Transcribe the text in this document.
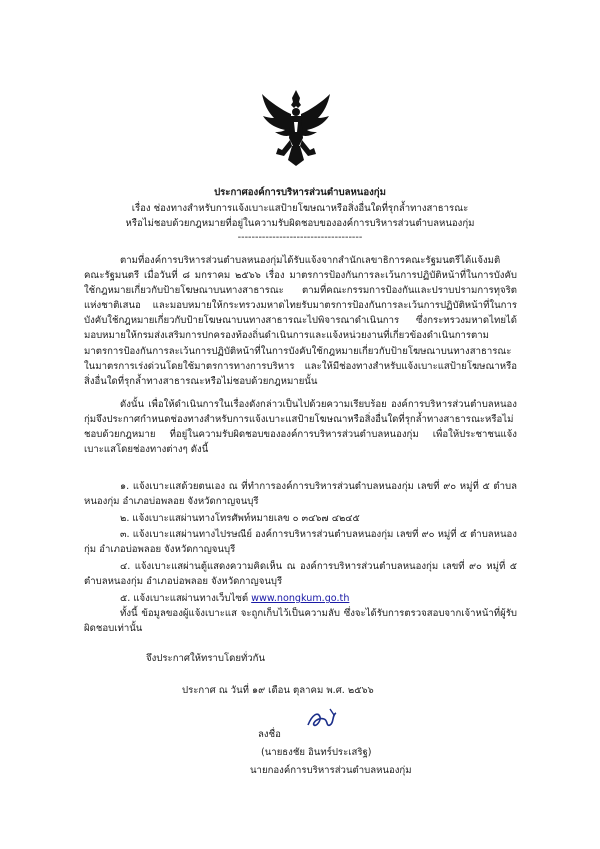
ประกาศองค์การบริหารส่วนตำบลหนองกุ่ม
เรื่อง ช่องทางสำหรับการแจ้งเบาะแสป้ายโฆษณาหรือสิ่งอื่นใดที่รุกล้ำทางสาธารณะ
หรือไม่ชอบด้วยกฎหมายที่อยู่ในความรับผิดชอบขององค์การบริหารส่วนตำบลหนองกุ่ม
------------------------------------
ตามที่องค์การบริหารส่วนตำบลหนองกุ่มได้รับแจ้งจากสำนักเลขาธิการคณะรัฐมนตรีได้แจ้งมติคณะรัฐมนตรี เมื่อวันที่ ๘ มกราคม ๒๕๖๖ เรื่อง มาตรการป้องกันการละเว้นการปฏิบัติหน้าที่ในการบังคับใช้กฎหมายเกี่ยวกับป้ายโฆษณาบนทางสาธารณะ ตามที่คณะกรรมการป้องกันและปราบปรามการทุจริตแห่งชาติเสนอ และมอบหมายให้กระทรวงมหาดไทยรับมาตรการป้องกันการละเว้นการปฏิบัติหน้าที่ในการบังคับใช้กฎหมายเกี่ยวกับป้ายโฆษณาบนทางสาธารณะไปพิจารณาดำเนินการ ซึ่งกระทรวงมหาดไทยได้มอบหมายให้กรมส่งเสริมการปกครองท้องถิ่นดำเนินการและแจ้งหน่วยงานที่เกี่ยวข้องดำเนินการตามมาตรการป้องกันการละเว้นการปฏิบัติหน้าที่ในการบังคับใช้กฎหมายเกี่ยวกับป้ายโฆษณาบนทางสาธารณะในมาตรการเร่งด่วนโดยใช้มาตรการทางการบริหาร และให้มีช่องทางสำหรับแจ้งเบาะแสป้ายโฆษณาหรือสิ่งอื่นใดที่รุกล้ำทางสาธารณะหรือไม่ชอบด้วยกฎหมายนั้น
ดังนั้น เพื่อให้ดำเนินการในเรื่องดังกล่าวเป็นไปด้วยความเรียบร้อย องค์การบริหารส่วนตำบลหนองกุ่มจึงประกาศกำหนดช่องทางสำหรับการแจ้งเบาะแสป้ายโฆษณาหรือสิ่งอื่นใดที่รุกล้ำทางสาธารณะหรือไม่ชอบด้วยกฎหมาย ที่อยู่ในความรับผิดชอบขององค์การบริหารส่วนตำบลหนองกุ่ม เพื่อให้ประชาชนแจ้งเบาะแสโดยช่องทางต่างๆ ดังนี้
๑. แจ้งเบาะแสด้วยตนเอง ณ ที่ทำการองค์การบริหารส่วนตำบลหนองกุ่ม เลขที่ ๙๐ หมู่ที่ ๕ ตำบลหนองกุ่ม อำเภอบ่อพลอย จังหวัดกาญจนบุรี
๒. แจ้งเบาะแสผ่านทางโทรศัพท์หมายเลข ๐ ๓๔๖๗ ๔๒๔๕
๓. แจ้งเบาะแสผ่านทางไปรษณีย์ องค์การบริหารส่วนตำบลหนองกุ่ม เลขที่ ๙๐ หมู่ที่ ๕ ตำบลหนองกุ่ม อำเภอบ่อพลอย จังหวัดกาญจนบุรี
๔. แจ้งเบาะแสผ่านตู้แสดงความคิดเห็น ณ องค์การบริหารส่วนตำบลหนองกุ่ม เลขที่ ๙๐ หมู่ที่ ๕ ตำบลหนองกุ่ม อำเภอบ่อพลอย จังหวัดกาญจนบุรี
๕. แจ้งเบาะแสผ่านทางเว็บไซต์ www.nongkum.go.th
ทั้งนี้ ข้อมูลของผู้แจ้งเบาะแส จะถูกเก็บไว้เป็นความลับ ซึ่งจะได้รับการตรวจสอบจากเจ้าหน้าที่ผู้รับผิดชอบเท่านั้น
จึงประกาศให้ทราบโดยทั่วกัน
ประกาศ ณ วันที่ ๑๙ เดือน ตุลาคม พ.ศ. ๒๕๖๖
ลงชื่อ
(นายธงชัย อินทร์ประเสริฐ)
นายกองค์การบริหารส่วนตำบลหนองกุ่ม
